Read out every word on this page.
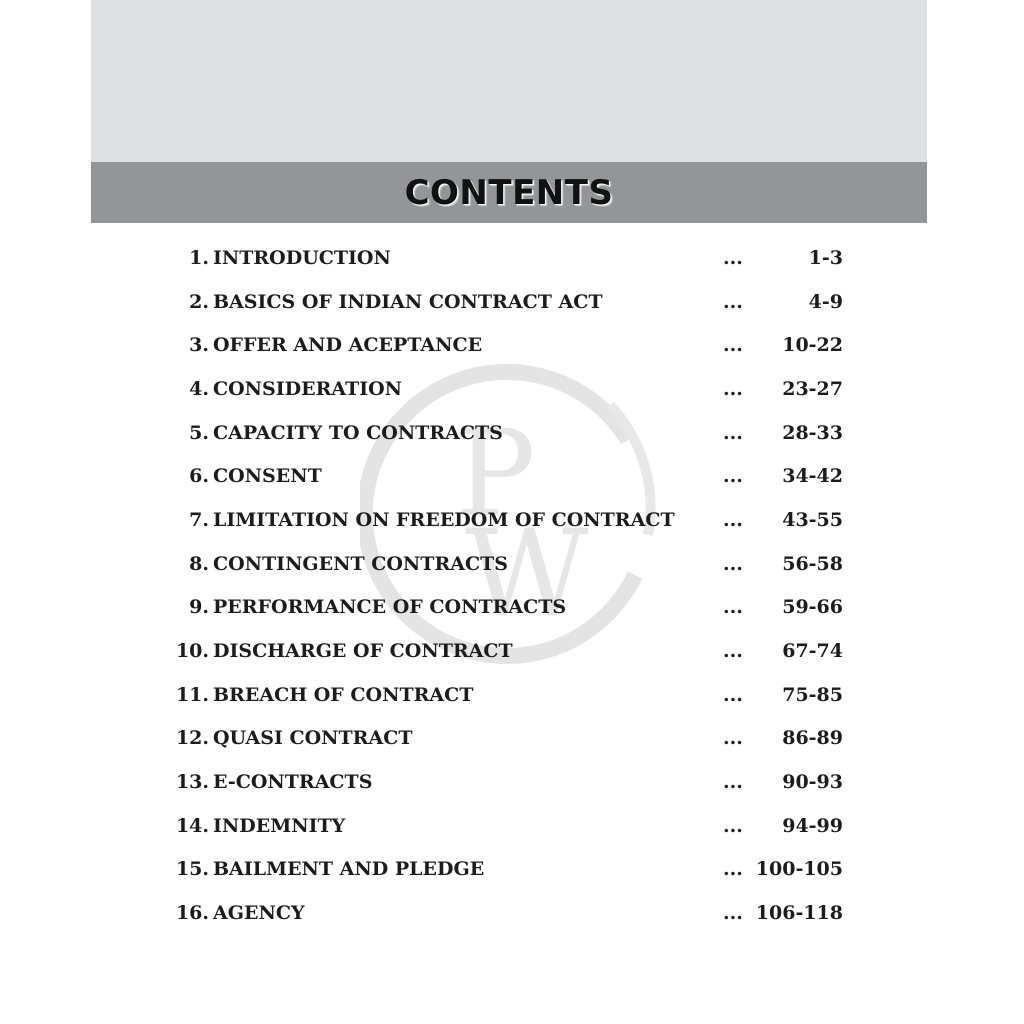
CONTENTS
P
W
1. INTRODUCTION	...	1-3
2. BASICS OF INDIAN CONTRACT ACT	...	4-9
3. OFFER AND ACEPTANCE	...	10-22
4. CONSIDERATION	...	23-27
5. CAPACITY TO CONTRACTS	...	28-33
6. CONSENT	...	34-42
7. LIMITATION ON FREEDOM OF CONTRACT	...	43-55
8. CONTINGENT CONTRACTS	...	56-58
9. PERFORMANCE OF CONTRACTS	...	59-66
10. DISCHARGE OF CONTRACT	...	67-74
11. BREACH OF CONTRACT	...	75-85
12. QUASI CONTRACT	...	86-89
13. E-CONTRACTS	...	90-93
14. INDEMNITY	...	94-99
15. BAILMENT AND PLEDGE	... 100-105
16. AGENCY	... 106-118
